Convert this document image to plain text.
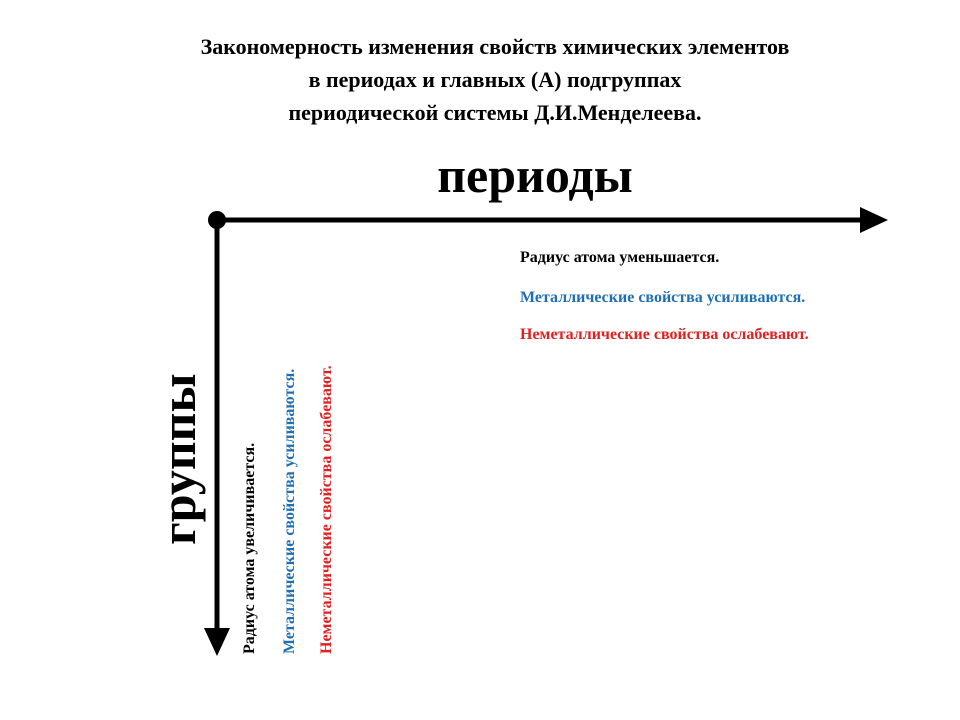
Закономерность изменения свойств химических элементов
в периодах и главных (А) подгруппах
периодической системы Д.И.Менделеева.
периоды
Радиус атома уменьшается.
Металлические свойства усиливаются.
Неметаллические свойства ослабевают.
группы Радиус атома увеличивается. Металлические свойства усиливаются. Неметаллические свойства ослабевают.
